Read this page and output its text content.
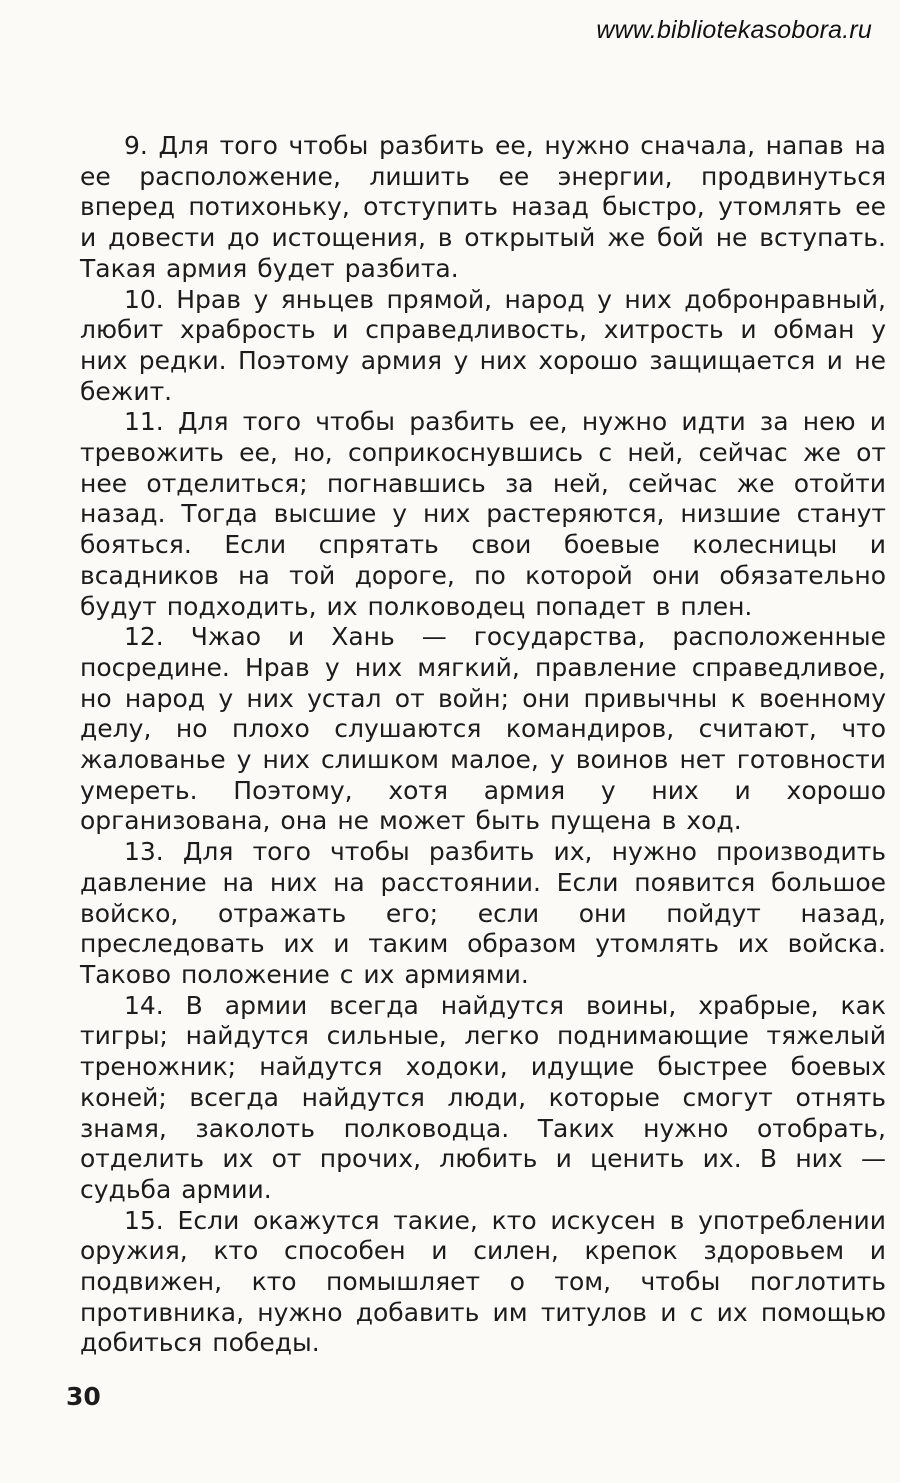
www.bibliotekasobora.ru

9. Для того чтобы разбить ее, нужно сначала, напав на ее расположение, лишить ее энергии, продвинуться вперед потихоньку, отступить назад быстро, утомлять ее и довести до истощения, в открытый же бой не вступать. Такая армия будет разбита.

10. Нрав у яньцев прямой, народ у них добронравный, любит храбрость и справедливость, хитрость и обман у них редки. Поэтому армия у них хорошо защищается и не бежит.

11. Для того чтобы разбить ее, нужно идти за нею и тревожить ее, но, соприкоснувшись с ней, сейчас же от нее отделиться; погнавшись за ней, сейчас же отойти назад. Тогда высшие у них растеряются, низшие станут бояться. Если спрятать свои боевые колесницы и всадников на той дороге, по которой они обязательно будут подходить, их полководец попадет в плен.

12. Чжао и Хань — государства, расположенные посредине. Нрав у них мягкий, правление справедливое, но народ у них устал от войн; они привычны к военному делу, но плохо слушаются командиров, считают, что жалованье у них слишком малое, у воинов нет готовности умереть. Поэтому, хотя армия у них и хорошо организована, она не может быть пущена в ход.

13. Для того чтобы разбить их, нужно производить давление на них на расстоянии. Если появится большое войско, отражать его; если они пойдут назад, преследовать их и таким образом утомлять их войска. Таково положение с их армиями.

14. В армии всегда найдутся воины, храбрые, как тигры; найдутся сильные, легко поднимающие тяжелый треножник; найдутся ходоки, идущие быстрее боевых коней; всегда найдутся люди, которые смогут отнять знамя, заколоть полководца. Таких нужно отобрать, отделить их от прочих, любить и ценить их. В них — судьба армии.

15. Если окажутся такие, кто искусен в употреблении оружия, кто способен и силен, крепок здоровьем и подвижен, кто помышляет о том, чтобы поглотить противника, нужно добавить им титулов и с их помощью добиться победы.

30
